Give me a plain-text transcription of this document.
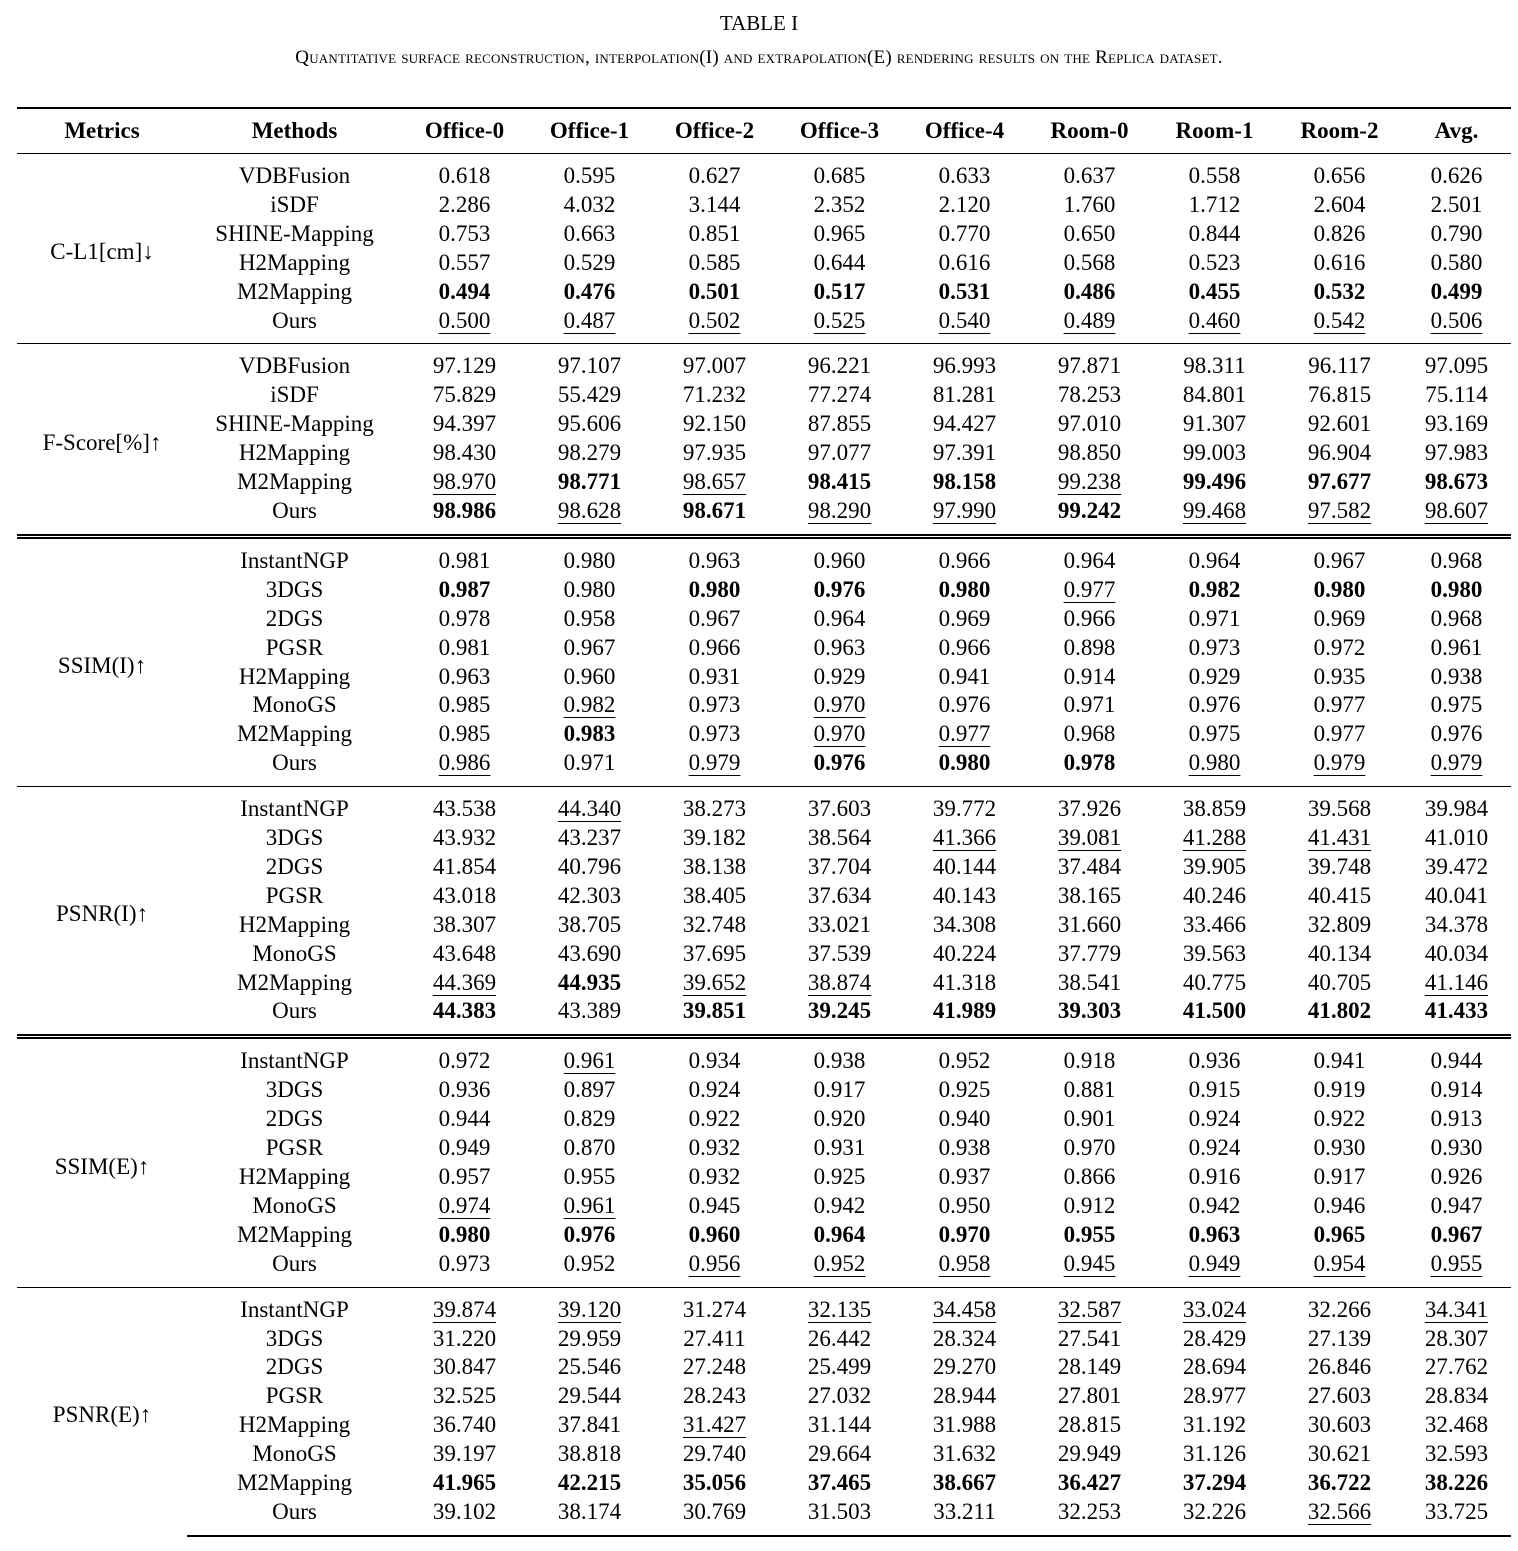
TABLE I
Quantitative surface reconstruction, interpolation(I) and extrapolation(E) rendering results on the Replica dataset.
Metrics	Methods	Office-0	Office-1	Office-2	Office-3	Office-4	Room-0	Room-1	Room-2	Avg.
C-L1[cm]↓	VDBFusion	0.618	0.595	0.627	0.685	0.633	0.637	0.558	0.656	0.626
	iSDF	2.286	4.032	3.144	2.352	2.120	1.760	1.712	2.604	2.501
	SHINE-Mapping	0.753	0.663	0.851	0.965	0.770	0.650	0.844	0.826	0.790
	H2Mapping	0.557	0.529	0.585	0.644	0.616	0.568	0.523	0.616	0.580
	M2Mapping	0.494	0.476	0.501	0.517	0.531	0.486	0.455	0.532	0.499
	Ours	0.500	0.487	0.502	0.525	0.540	0.489	0.460	0.542	0.506
F-Score[%]↑	VDBFusion	97.129	97.107	97.007	96.221	96.993	97.871	98.311	96.117	97.095
	iSDF	75.829	55.429	71.232	77.274	81.281	78.253	84.801	76.815	75.114
	SHINE-Mapping	94.397	95.606	92.150	87.855	94.427	97.010	91.307	92.601	93.169
	H2Mapping	98.430	98.279	97.935	97.077	97.391	98.850	99.003	96.904	97.983
	M2Mapping	98.970	98.771	98.657	98.415	98.158	99.238	99.496	97.677	98.673
	Ours	98.986	98.628	98.671	98.290	97.990	99.242	99.468	97.582	98.607
SSIM(I)↑	InstantNGP	0.981	0.980	0.963	0.960	0.966	0.964	0.964	0.967	0.968
	3DGS	0.987	0.980	0.980	0.976	0.980	0.977	0.982	0.980	0.980
	2DGS	0.978	0.958	0.967	0.964	0.969	0.966	0.971	0.969	0.968
	PGSR	0.981	0.967	0.966	0.963	0.966	0.898	0.973	0.972	0.961
	H2Mapping	0.963	0.960	0.931	0.929	0.941	0.914	0.929	0.935	0.938
	MonoGS	0.985	0.982	0.973	0.970	0.976	0.971	0.976	0.977	0.975
	M2Mapping	0.985	0.983	0.973	0.970	0.977	0.968	0.975	0.977	0.976
	Ours	0.986	0.971	0.979	0.976	0.980	0.978	0.980	0.979	0.979
PSNR(I)↑	InstantNGP	43.538	44.340	38.273	37.603	39.772	37.926	38.859	39.568	39.984
	3DGS	43.932	43.237	39.182	38.564	41.366	39.081	41.288	41.431	41.010
	2DGS	41.854	40.796	38.138	37.704	40.144	37.484	39.905	39.748	39.472
	PGSR	43.018	42.303	38.405	37.634	40.143	38.165	40.246	40.415	40.041
	H2Mapping	38.307	38.705	32.748	33.021	34.308	31.660	33.466	32.809	34.378
	MonoGS	43.648	43.690	37.695	37.539	40.224	37.779	39.563	40.134	40.034
	M2Mapping	44.369	44.935	39.652	38.874	41.318	38.541	40.775	40.705	41.146
	Ours	44.383	43.389	39.851	39.245	41.989	39.303	41.500	41.802	41.433
SSIM(E)↑	InstantNGP	0.972	0.961	0.934	0.938	0.952	0.918	0.936	0.941	0.944
	3DGS	0.936	0.897	0.924	0.917	0.925	0.881	0.915	0.919	0.914
	2DGS	0.944	0.829	0.922	0.920	0.940	0.901	0.924	0.922	0.913
	PGSR	0.949	0.870	0.932	0.931	0.938	0.970	0.924	0.930	0.930
	H2Mapping	0.957	0.955	0.932	0.925	0.937	0.866	0.916	0.917	0.926
	MonoGS	0.974	0.961	0.945	0.942	0.950	0.912	0.942	0.946	0.947
	M2Mapping	0.980	0.976	0.960	0.964	0.970	0.955	0.963	0.965	0.967
	Ours	0.973	0.952	0.956	0.952	0.958	0.945	0.949	0.954	0.955
PSNR(E)↑	InstantNGP	39.874	39.120	31.274	32.135	34.458	32.587	33.024	32.266	34.341
	3DGS	31.220	29.959	27.411	26.442	28.324	27.541	28.429	27.139	28.307
	2DGS	30.847	25.546	27.248	25.499	29.270	28.149	28.694	26.846	27.762
	PGSR	32.525	29.544	28.243	27.032	28.944	27.801	28.977	27.603	28.834
	H2Mapping	36.740	37.841	31.427	31.144	31.988	28.815	31.192	30.603	32.468
	MonoGS	39.197	38.818	29.740	29.664	31.632	29.949	31.126	30.621	32.593
	M2Mapping	41.965	42.215	35.056	37.465	38.667	36.427	37.294	36.722	38.226
	Ours	39.102	38.174	30.769	31.503	33.211	32.253	32.226	32.566	33.725
